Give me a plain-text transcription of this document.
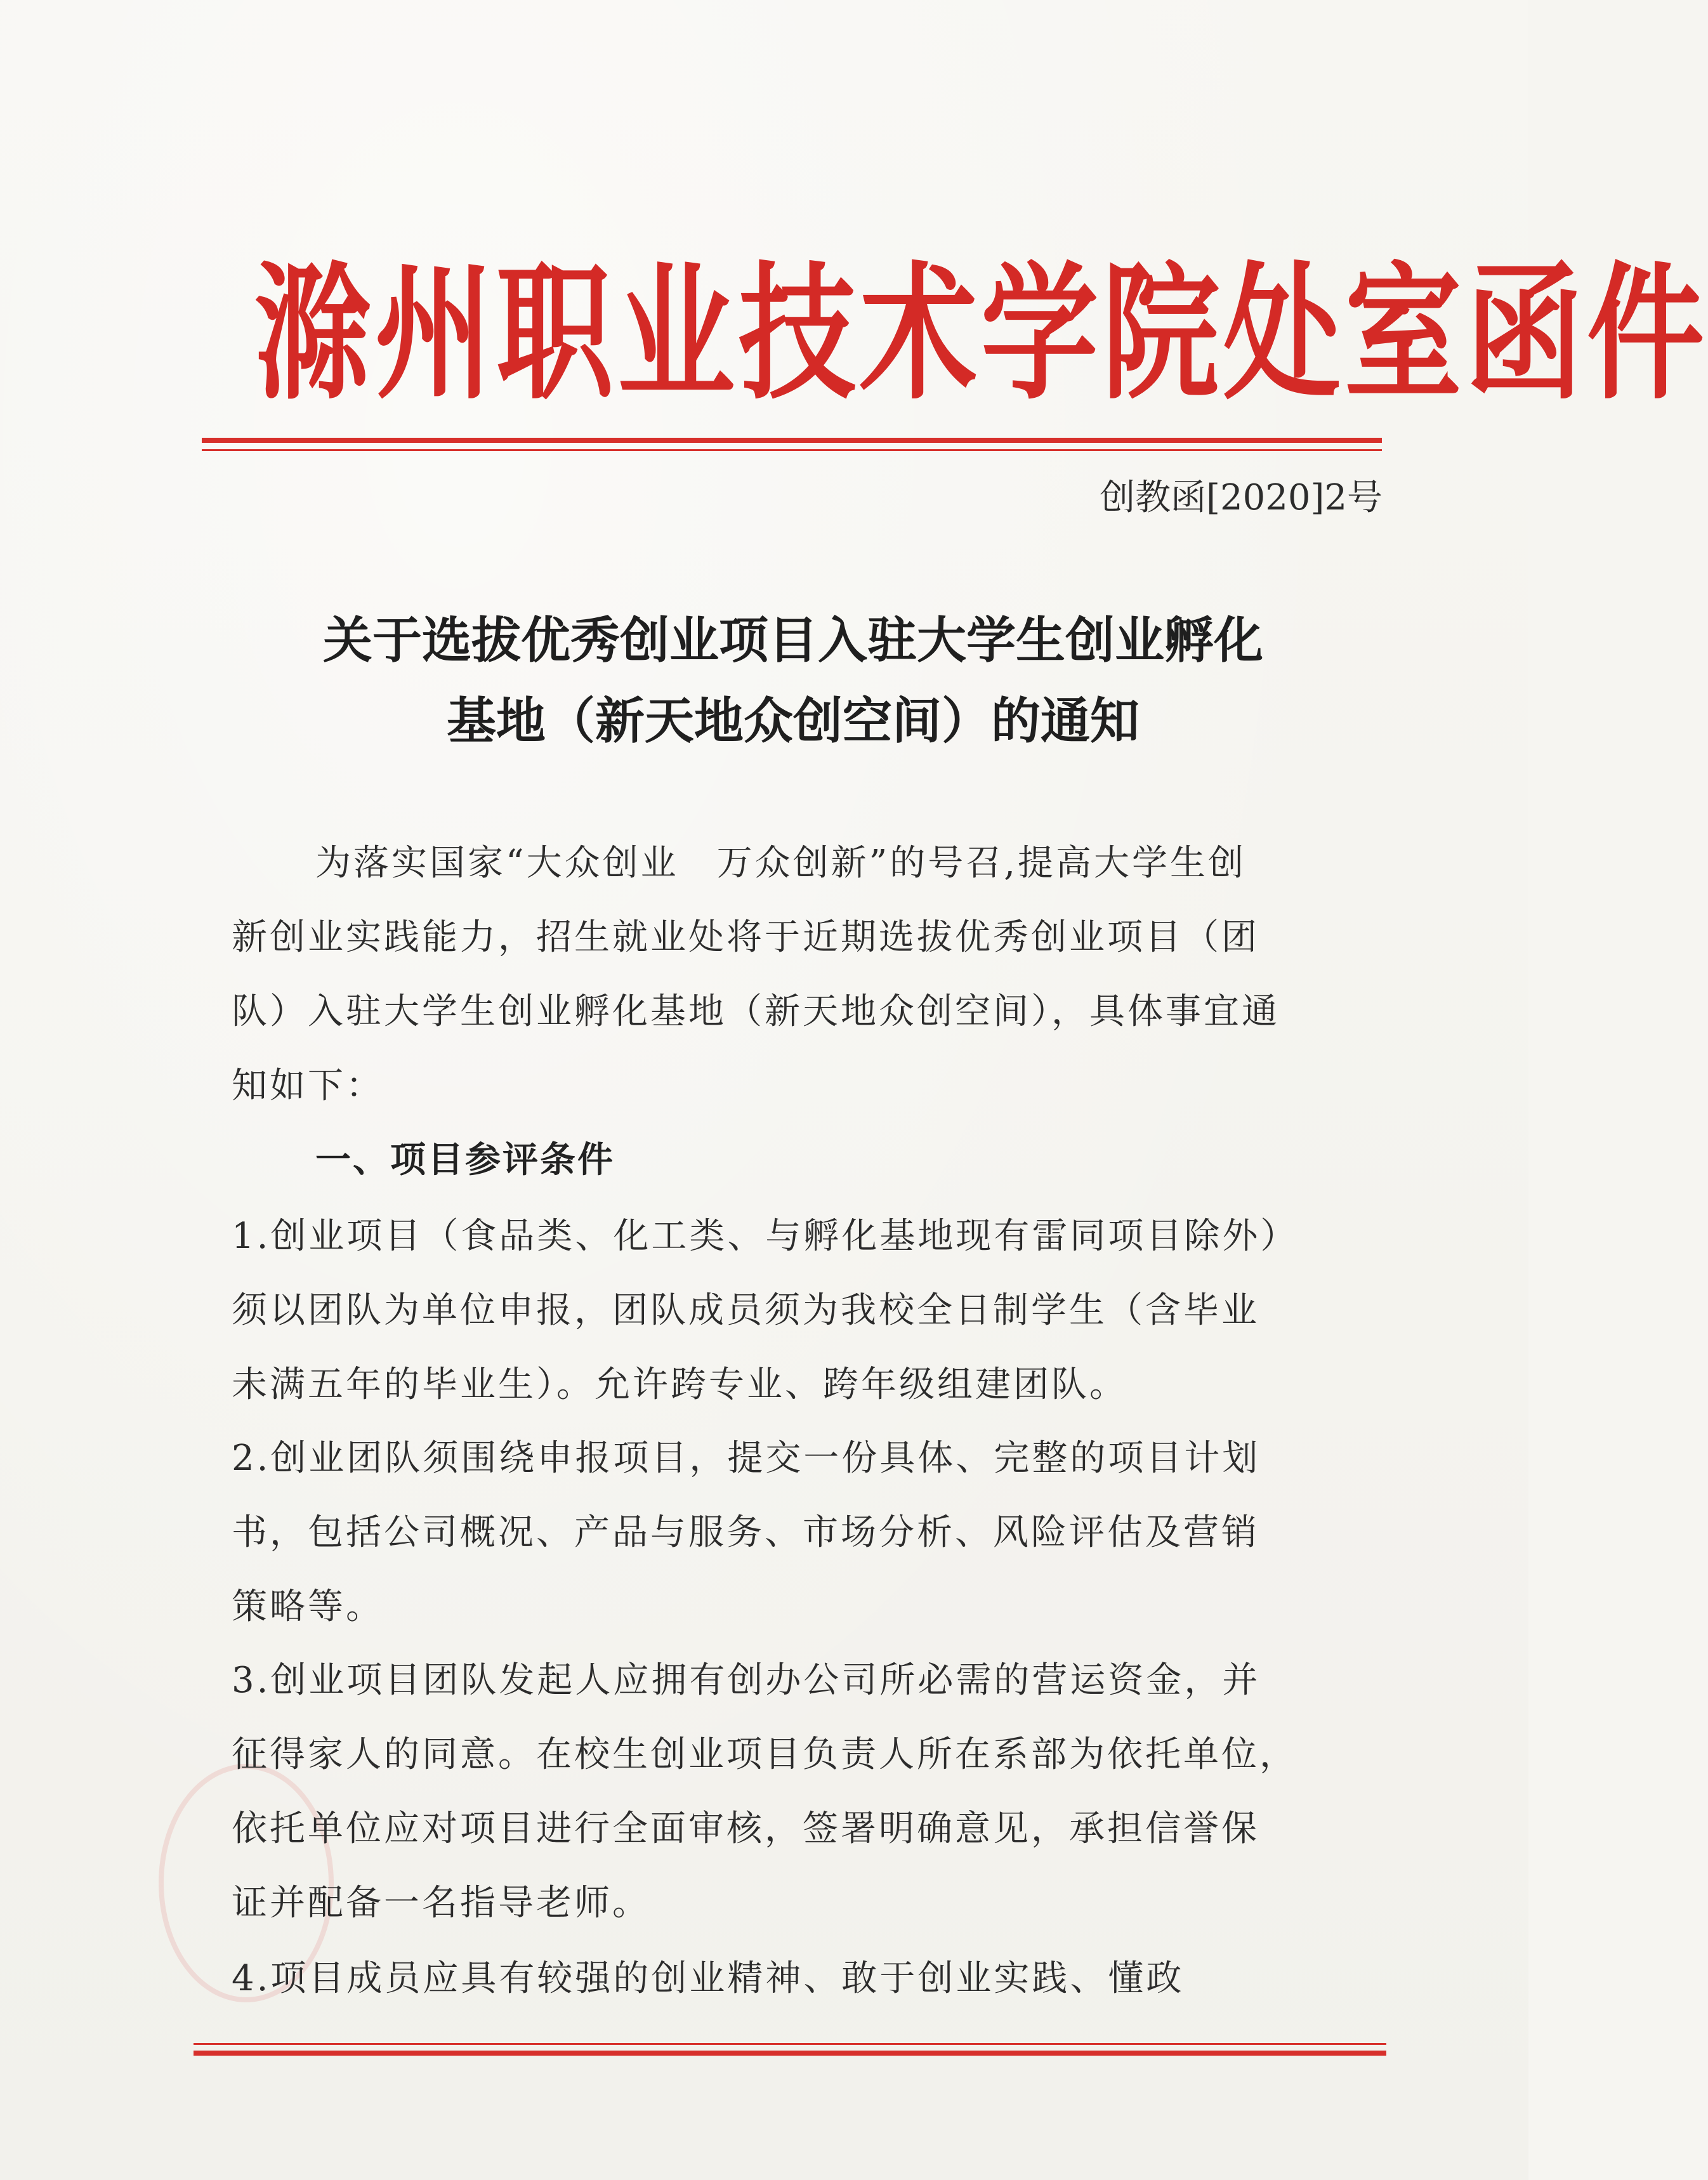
滁州职业技术学院处室函件
创教函[2020]2号
关于选拔优秀创业项目入驻大学生创业孵化
基地（新天地众创空间）的通知
为落实国家“大众创业　万众创新”的号召,提高大学生创
新创业实践能力，招生就业处将于近期选拔优秀创业项目（团
队）入驻大学生创业孵化基地（新天地众创空间），具体事宜通
知如下：
一、项目参评条件
1.创业项目（食品类、化工类、与孵化基地现有雷同项目除外）
须以团队为单位申报，团队成员须为我校全日制学生（含毕业
未满五年的毕业生）。允许跨专业、跨年级组建团队。
2.创业团队须围绕申报项目，提交一份具体、完整的项目计划
书，包括公司概况、产品与服务、市场分析、风险评估及营销
策略等。
3.创业项目团队发起人应拥有创办公司所必需的营运资金，并
征得家人的同意。在校生创业项目负责人所在系部为依托单位，
依托单位应对项目进行全面审核，签署明确意见，承担信誉保
证并配备一名指导老师。
4.项目成员应具有较强的创业精神、敢于创业实践、懂政
